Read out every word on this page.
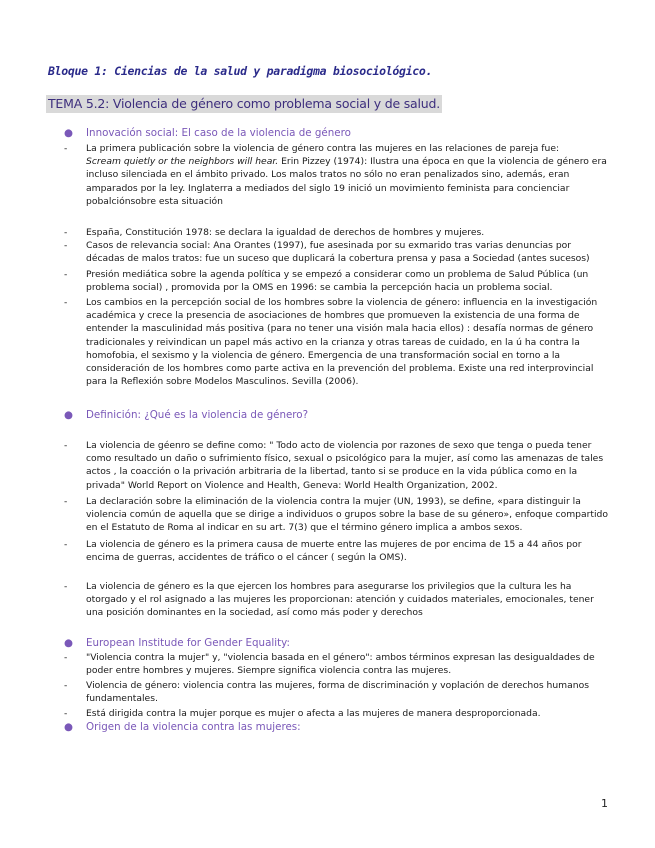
Bloque 1: Ciencias de la salud y paradigma biosociológico.
TEMA 5.2: Violencia de género como problema social y de salud.
● Innovación social: El caso de la violencia de género
- La primera publicación sobre la violencia de género contra las mujeres en las relaciones de pareja fue:
Scream quietly or the neighbors will hear. Erin Pizzey (1974): Ilustra una época en que la violencia de género era incluso silenciada en el ámbito privado. Los malos tratos no sólo no eran penalizados sino, además, eran amparados por la ley. Inglaterra a mediados del siglo 19 inició un movimiento feminista para concienciar pobalciónsobre esta situación
- España, Constitución 1978: se declara la igualdad de derechos de hombres y mujeres.
- Casos de relevancia social: Ana Orantes (1997), fue asesinada por su exmarido tras varias denuncias por décadas de malos tratos: fue un suceso que duplicará la cobertura prensa y pasa a Sociedad (antes sucesos)
- Presión mediática sobre la agenda política y se empezó a considerar como un problema de Salud Pública (un problema social) , promovida por la OMS en 1996: se cambia la percepción hacia un problema social.
- Los cambios en la percepción social de los hombres sobre la violencia de género: influencia en la investigación académica y crece la presencia de asociaciones de hombres que promueven la existencia de una forma de entender la masculinidad más positiva (para no tener una visión mala hacia ellos) : desafía normas de género tradicionales y reivindican un papel más activo en la crianza y otras tareas de cuidado, en la ú ha contra la homofobia, el sexismo y la violencia de género. Emergencia de una transformación social en torno a la consideración de los hombres como parte activa en la prevención del problema. Existe una red interprovincial para la Reflexión sobre Modelos Masculinos. Sevilla (2006).
● Definición: ¿Qué es la violencia de género?
- La violencia de géenro se define como: " Todo acto de violencia por razones de sexo que tenga o pueda tener como resultado un daño o sufrimiento físico, sexual o psicológico para la mujer, así como las amenazas de tales actos , la coacción o la privación arbitraria de la libertad, tanto si se produce en la vida pública como en la privada" World Report on Violence and Health, Geneva: World Health Organization, 2002.
- La declaración sobre la eliminación de la violencia contra la mujer (UN, 1993), se define, «para distinguir la violencia común de aquella que se dirige a individuos o grupos sobre la base de su género», enfoque compartido en el Estatuto de Roma al indicar en su art. 7(3) que el término género implica a ambos sexos.
- La violencia de género es la primera causa de muerte entre las mujeres de por encima de 15 a 44 años por encima de guerras, accidentes de tráfico o el cáncer ( según la OMS).
- La violencia de género es la que ejercen los hombres para asegurarse los privilegios que la cultura les ha otorgado y el rol asignado a las mujeres les proporcionan: atención y cuidados materiales, emocionales, tener una posición dominantes en la sociedad, así como más poder y derechos
● European Institude for Gender Equality:
- "Violencia contra la mujer" y, "violencia basada en el género": ambos términos expresan las desigualdades de poder entre hombres y mujeres. Siempre significa violencia contra las mujeres.
- Violencia de género: violencia contra las mujeres, forma de discriminación y voplación de derechos humanos fundamentales.
- Está dirigida contra la mujer porque es mujer o afecta a las mujeres de manera desproporcionada.
● Origen de la violencia contra las mujeres:
1
